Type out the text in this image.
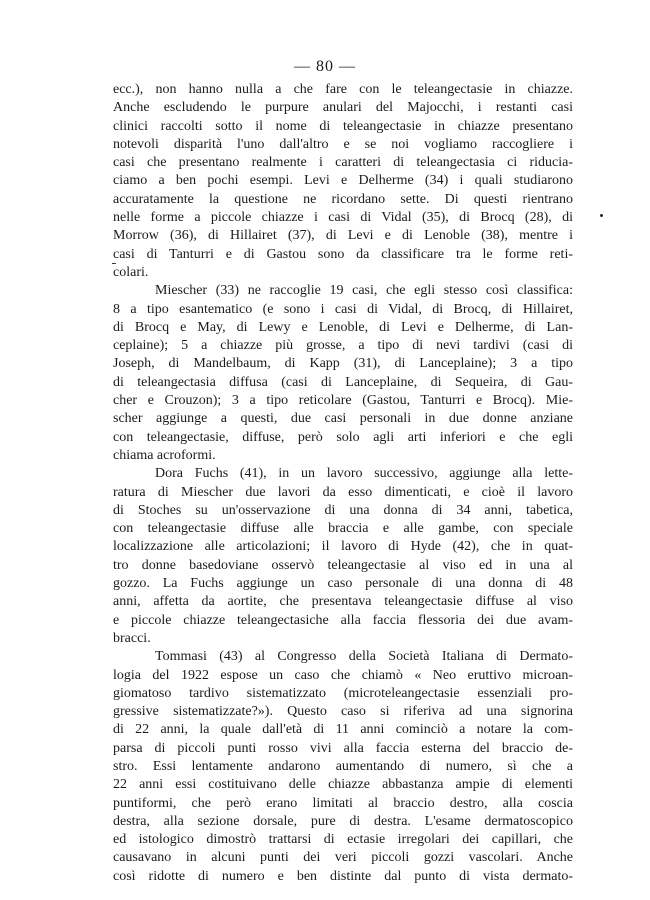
— 80 —
ecc.), non hanno nulla a che fare con le teleangectasie in chiazze.
Anche escludendo le purpure anulari del Majocchi, i restanti casi
clinici raccolti sotto il nome di teleangectasie in chiazze presentano
notevoli disparità l'uno dall'altro e se noi vogliamo raccogliere i
casi che presentano realmente i caratteri di teleangectasia ci riducia-
ciamo a ben pochi esempi. Levi e Delherme (34) i quali studiarono
accuratamente la questione ne ricordano sette. Di questi rientrano
nelle forme a piccole chiazze i casi di Vidal (35), di Brocq (28), di
Morrow (36), di Hillairet (37), di Levi e di Lenoble (38), mentre i
casi di Tanturri e di Gastou sono da classificare tra le forme reti-
colari.
Miescher (33) ne raccoglie 19 casi, che egli stesso così classifica:
8 a tipo esantematico (e sono i casi di Vidal, di Brocq, di Hillairet,
di Brocq e May, di Lewy e Lenoble, di Levi e Delherme, di Lan-
ceplaine); 5 a chiazze più grosse, a tipo di nevi tardivi (casi di
Joseph, di Mandelbaum, di Kapp (31), di Lanceplaine); 3 a tipo
di teleangectasia diffusa (casi di Lanceplaine, di Sequeira, di Gau-
cher e Crouzon); 3 a tipo reticolare (Gastou, Tanturri e Brocq). Mie-
scher aggiunge a questi, due casi personali in due donne anziane
con teleangectasie, diffuse, però solo agli arti inferiori e che egli
chiama acroformi.
Dora Fuchs (41), in un lavoro successivo, aggiunge alla lette-
ratura di Miescher due lavori da esso dimenticati, e cioè il lavoro
di Stoches su un'osservazione di una donna di 34 anni, tabetica,
con teleangectasie diffuse alle braccia e alle gambe, con speciale
localizzazione alle articolazioni; il lavoro di Hyde (42), che in quat-
tro donne basedoviane osservò teleangectasie al viso ed in una al
gozzo. La Fuchs aggiunge un caso personale di una donna di 48
anni, affetta da aortite, che presentava teleangectasie diffuse al viso
e piccole chiazze teleangectasiche alla faccia flessoria dei due avam-
bracci.
Tommasi (43) al Congresso della Società Italiana di Dermato-
logia del 1922 espose un caso che chiamò « Neo eruttivo microan-
giomatoso tardivo sistematizzato (microteleangectasie essenziali pro-
gressive sistematizzate?»). Questo caso si riferiva ad una signorina
di 22 anni, la quale dall'età di 11 anni cominciò a notare la com-
parsa di piccoli punti rosso vivi alla faccia esterna del braccio de-
stro. Essi lentamente andarono aumentando di numero, sì che a
22 anni essi costituivano delle chiazze abbastanza ampie di elementi
puntiformi, che però erano limitati al braccio destro, alla coscia
destra, alla sezione dorsale, pure di destra. L'esame dermatoscopico
ed istologico dimostrò trattarsi di ectasie irregolari dei capillari, che
causavano in alcuni punti dei veri piccoli gozzi vascolari. Anche
così ridotte di numero e ben distinte dal punto di vista dermato-
